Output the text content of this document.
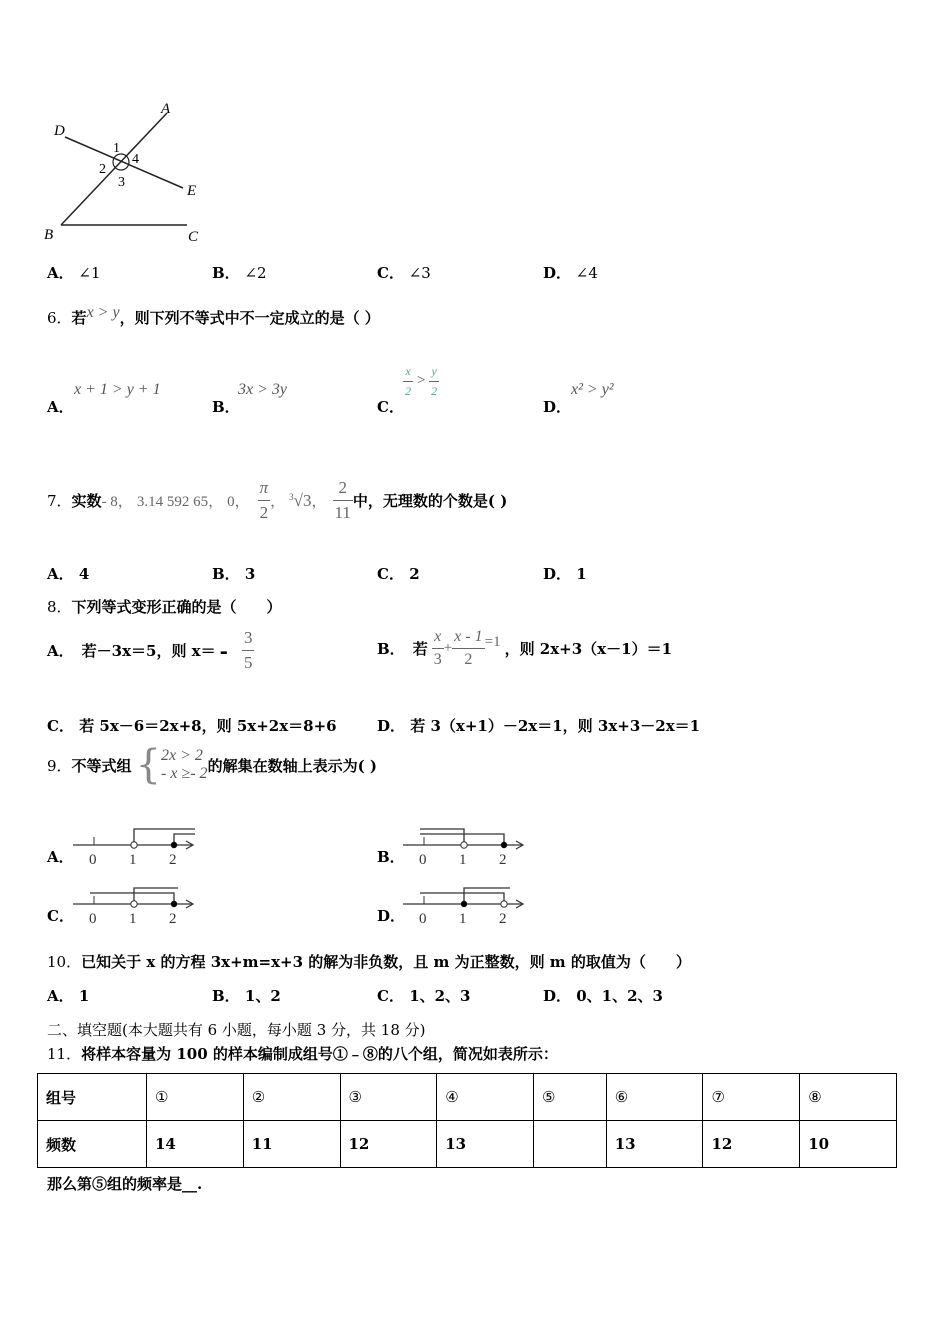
A
D
E
B	C
1
2
3
4
A． ∠1	B． ∠2	C． ∠3	D． ∠4
6．若x > y，则下列不等式中不一定成立的是（ ）
A．
x + 1 > y + 1
B．
3x > 3y
C．
$\frac{x}{2} > \frac{y}{2}$
D．
x² > y²
7． 实数 - 8， 3.14 592 65， 0， $\frac{\pi}{2}$ ， $^3$√3 ， $\frac{2}{11}$ 中，无理数的个数是( )
A． 4	B． 3	C． 2	D． 1
8．下列等式变形正确的是（　　）
A． 若－3x＝5，则 $x= - \frac{3}{5}$	B． 若 $\frac{x}{3} + \frac{x - 1}{2} =1$ ，则 2x+3（x－1）＝1
C． 若 5x－6＝2x+8，则 5x+2x＝8+6	D． 若 3（x+1）－2x＝1，则 3x+3－2x＝1
9． 不等式组 { 2x > 2
- x ≥- 2 的解集在数轴上表示为( )
A． 0 1 2	B． 0 1 2
C． 0 1 2	D． 0 1 2
10．已知关于 x 的方程 3x+m=x+3 的解为非负数，且 m 为正整数，则 m 的取值为（　　）
A． 1	B． 1、2	C． 1、2、3	D． 0、1、2、3
二、填空题(本大题共有 6 小题，每小题 3 分，共 18 分)
11．将样本容量为 100 的样本编制成组号①﹣⑧的八个组，简况如表所示：
组号	①	②	③	④	⑤	⑥	⑦	⑧
频数	14	11	12	13		13	12	10
那么第⑤组的频率是__.
